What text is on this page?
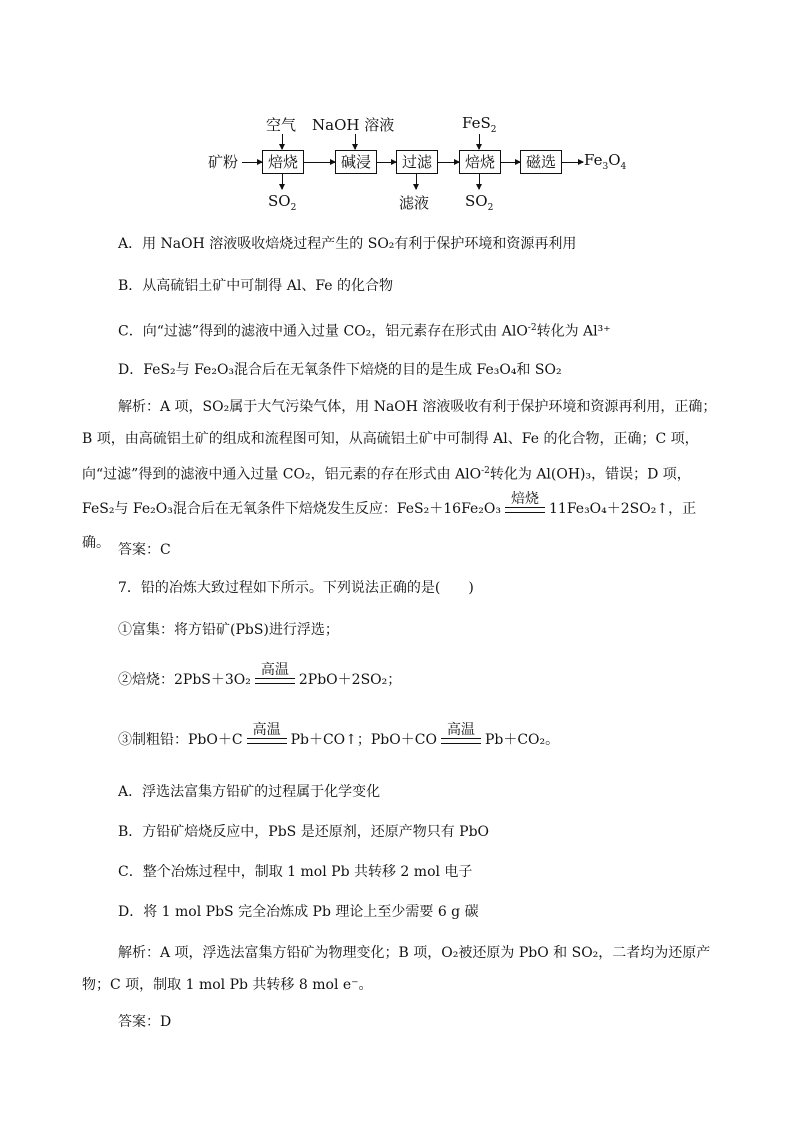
矿粉	焙烧	碱浸	过滤	焙烧	磁选	$Fe_3O_4$
空气 NaOH 溶液	FeS$_2$
$SO_2$	滤液 $SO_2$
A．用 NaOH 溶液吸收焙烧过程产生的 SO₂有利于保护环境和资源再利用
B．从高硫铝土矿中可制得 Al、Fe 的化合物
C．向“过滤”得到的滤液中通入过量 CO₂，铝元素存在形式由 AlO$^{-2}$转化为 Al³⁺
D．FeS₂与 Fe₂O₃混合后在无氧条件下焙烧的目的是生成 Fe₃O₄和 SO₂
解析：A 项，SO₂属于大气污染气体，用 NaOH 溶液吸收有利于保护环境和资源再利用，正确；B 项，由高硫铝土矿的组成和流程图可知，从高硫铝土矿中可制得 Al、Fe 的化合物，正确；C 项，向“过滤”得到的滤液中通入过量 CO₂，铝元素的存在形式由 AlO$^{-2}$转化为 Al(OH)₃，错误；D 项，FeS₂与 Fe₂O₃混合后在无氧条件下焙烧发生反应：FeS₂＋16Fe₂O₃
焙烧
11Fe₃O₄＋2SO₂↑，正确。 答案：C
7．铅的冶炼大致过程如下所示。下列说法正确的是(　　)
①富集：将方铅矿(PbS)进行浮选；
②焙烧：2PbS＋3O₂
高温
2PbO＋2SO₂；
③制粗铅：PbO＋C
高温
Pb＋CO↑；PbO＋CO
高温
Pb＋CO₂。
A．浮选法富集方铅矿的过程属于化学变化
B．方铅矿焙烧反应中，PbS 是还原剂，还原产物只有 PbO
C．整个冶炼过程中，制取 1 mol Pb 共转移 2 mol 电子
D．将 1 mol PbS 完全冶炼成 Pb 理论上至少需要 6 g 碳
解析：A 项，浮选法富集方铅矿为物理变化；B 项，O₂被还原为 PbO 和 SO₂，二者均为还原产物；C 项，制取 1 mol Pb 共转移 8 mol e⁻。
答案：D
